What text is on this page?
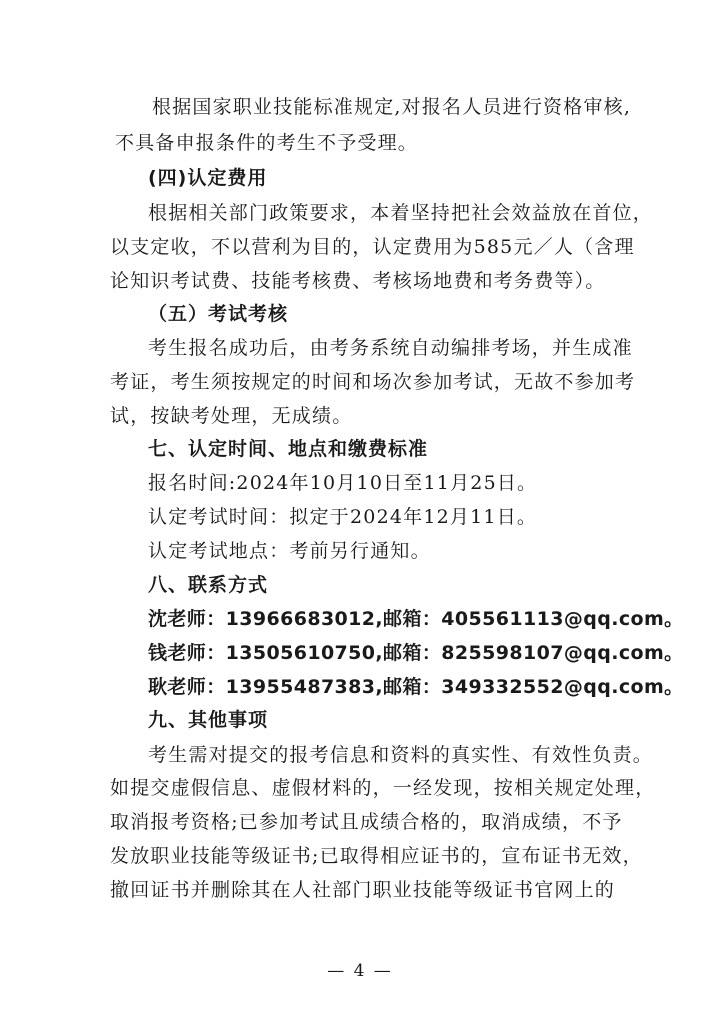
根据国家职业技能标准规定,对报名人员进行资格审核,
不具备申报条件的考生不予受理。
(四)认定费用
根据相关部门政策要求，本着坚持把社会效益放在首位，
以支定收，不以营利为目的，认定费用为585元／人（含理
论知识考试费、技能考核费、考核场地费和考务费等）。
（五）考试考核
考生报名成功后，由考务系统自动编排考场，并生成准
考证，考生须按规定的时间和场次参加考试，无故不参加考
试，按缺考处理，无成绩。
七、认定时间、地点和缴费标准
报名时间:2024年10月10日至11月25日。
认定考试时间：拟定于2024年12月11日。
认定考试地点：考前另行通知。
八、联系方式
沈老师：13966683012,邮箱：405561113@qq.com。
钱老师：13505610750,邮箱：825598107@qq.com。
耿老师：13955487383,邮箱：349332552@qq.com。
九、其他事项
考生需对提交的报考信息和资料的真实性、有效性负责。
如提交虚假信息、虚假材料的，一经发现，按相关规定处理，
取消报考资格;已参加考试且成绩合格的，取消成绩，不予
发放职业技能等级证书;已取得相应证书的，宣布证书无效，
撤回证书并删除其在人社部门职业技能等级证书官网上的
— 4 —
